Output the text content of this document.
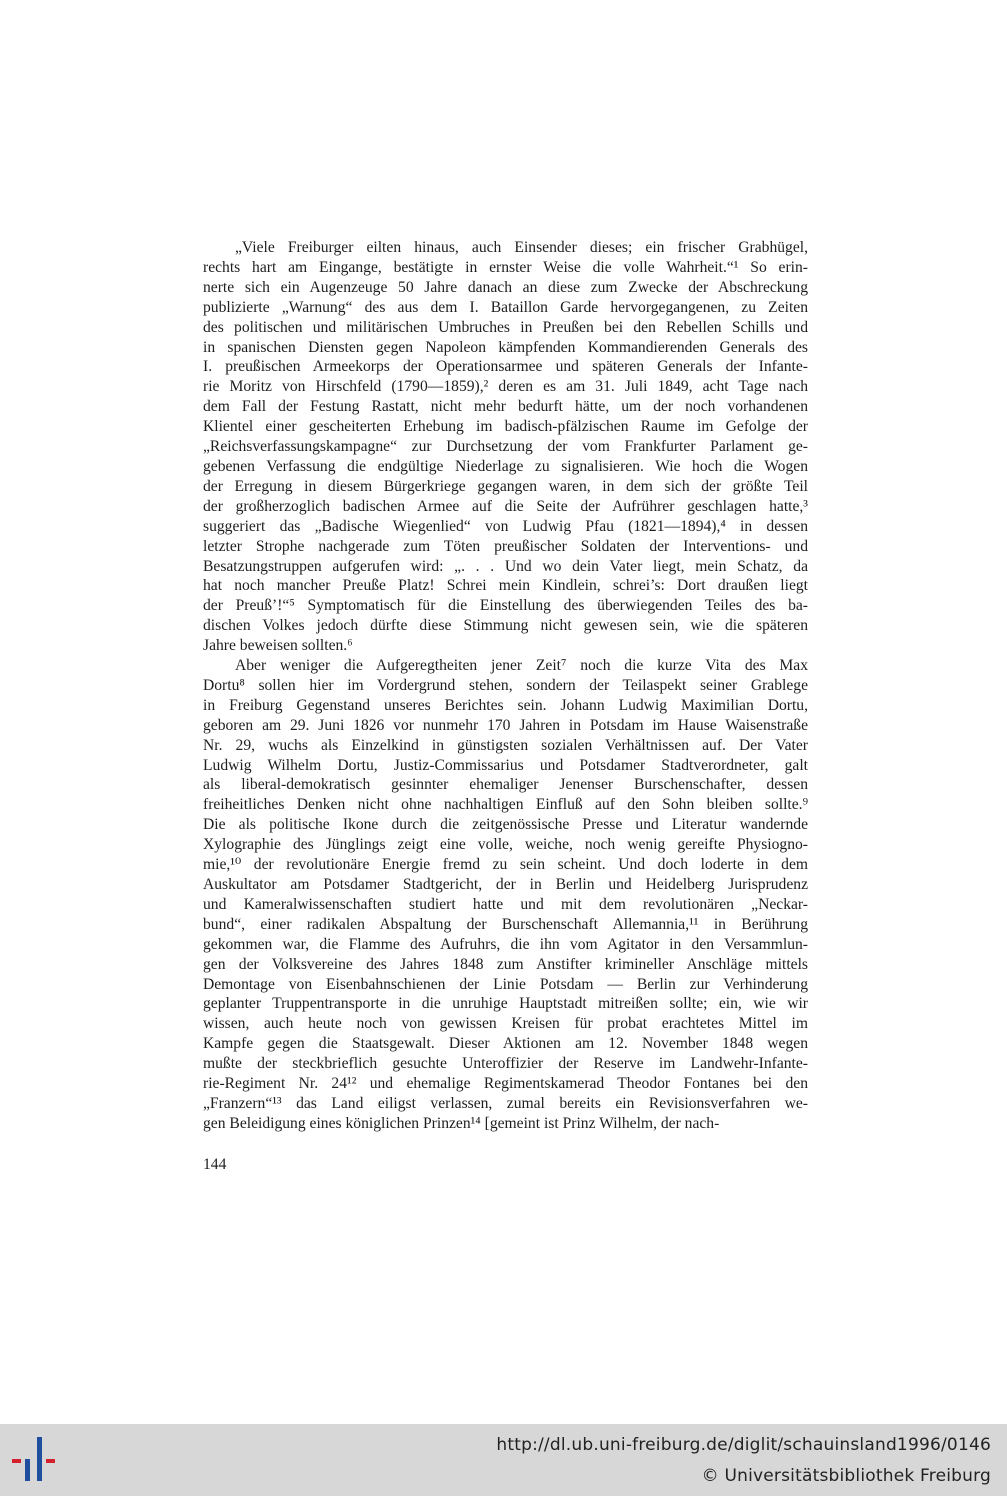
„Viele Freiburger eilten hinaus, auch Einsender dieses; ein frischer Grabhügel,
rechts hart am Eingange, bestätigte in ernster Weise die volle Wahrheit.“¹ So erin-
nerte sich ein Augenzeuge 50 Jahre danach an diese zum Zwecke der Abschreckung
publizierte „Warnung“ des aus dem I. Bataillon Garde hervorgegangenen, zu Zeiten
des politischen und militärischen Umbruches in Preußen bei den Rebellen Schills und
in spanischen Diensten gegen Napoleon kämpfenden Kommandierenden Generals des
I. preußischen Armeekorps der Operationsarmee und späteren Generals der Infante-
rie Moritz von Hirschfeld (1790—1859),² deren es am 31. Juli 1849, acht Tage nach
dem Fall der Festung Rastatt, nicht mehr bedurft hätte, um der noch vorhandenen
Klientel einer gescheiterten Erhebung im badisch-pfälzischen Raume im Gefolge der
„Reichsverfassungskampagne“ zur Durchsetzung der vom Frankfurter Parlament ge-
gebenen Verfassung die endgültige Niederlage zu signalisieren. Wie hoch die Wogen
der Erregung in diesem Bürgerkriege gegangen waren, in dem sich der größte Teil
der großherzoglich badischen Armee auf die Seite der Aufrührer geschlagen hatte,³
suggeriert das „Badische Wiegenlied“ von Ludwig Pfau (1821—1894),⁴ in dessen
letzter Strophe nachgerade zum Töten preußischer Soldaten der Interventions- und
Besatzungstruppen aufgerufen wird: „. . . Und wo dein Vater liegt, mein Schatz, da
hat noch mancher Preuße Platz! Schrei mein Kindlein, schrei’s: Dort draußen liegt
der Preuß’!“⁵ Symptomatisch für die Einstellung des überwiegenden Teiles des ba-
dischen Volkes jedoch dürfte diese Stimmung nicht gewesen sein, wie die späteren
Jahre beweisen sollten.⁶

Aber weniger die Aufgeregtheiten jener Zeit⁷ noch die kurze Vita des Max
Dortu⁸ sollen hier im Vordergrund stehen, sondern der Teilaspekt seiner Grablege
in Freiburg Gegenstand unseres Berichtes sein. Johann Ludwig Maximilian Dortu,
geboren am 29. Juni 1826 vor nunmehr 170 Jahren in Potsdam im Hause Waisenstraße
Nr. 29, wuchs als Einzelkind in günstigsten sozialen Verhältnissen auf. Der Vater
Ludwig Wilhelm Dortu, Justiz-Commissarius und Potsdamer Stadtverordneter, galt
als liberal-demokratisch gesinnter ehemaliger Jenenser Burschenschafter, dessen
freiheitliches Denken nicht ohne nachhaltigen Einfluß auf den Sohn bleiben sollte.⁹
Die als politische Ikone durch die zeitgenössische Presse und Literatur wandernde
Xylographie des Jünglings zeigt eine volle, weiche, noch wenig gereifte Physiogno-
mie,¹⁰ der revolutionäre Energie fremd zu sein scheint. Und doch loderte in dem
Auskultator am Potsdamer Stadtgericht, der in Berlin und Heidelberg Jurisprudenz
und Kameralwissenschaften studiert hatte und mit dem revolutionären „Neckar-
bund“, einer radikalen Abspaltung der Burschenschaft Allemannia,¹¹ in Berührung
gekommen war, die Flamme des Aufruhrs, die ihn vom Agitator in den Versammlun-
gen der Volksvereine des Jahres 1848 zum Anstifter krimineller Anschläge mittels
Demontage von Eisenbahnschienen der Linie Potsdam — Berlin zur Verhinderung
geplanter Truppentransporte in die unruhige Hauptstadt mitreißen sollte; ein, wie wir
wissen, auch heute noch von gewissen Kreisen für probat erachtetes Mittel im
Kampfe gegen die Staatsgewalt. Dieser Aktionen am 12. November 1848 wegen
mußte der steckbrieflich gesuchte Unteroffizier der Reserve im Landwehr-Infante-
rie-Regiment Nr. 24¹² und ehemalige Regimentskamerad Theodor Fontanes bei den
„Franzern“¹³ das Land eiligst verlassen, zumal bereits ein Revisionsverfahren we-
gen Beleidigung eines königlichen Prinzen¹⁴ [gemeint ist Prinz Wilhelm, der nach-

144
http://dl.ub.uni-freiburg.de/diglit/schauinsland1996/0146
© Universitätsbibliothek Freiburg
